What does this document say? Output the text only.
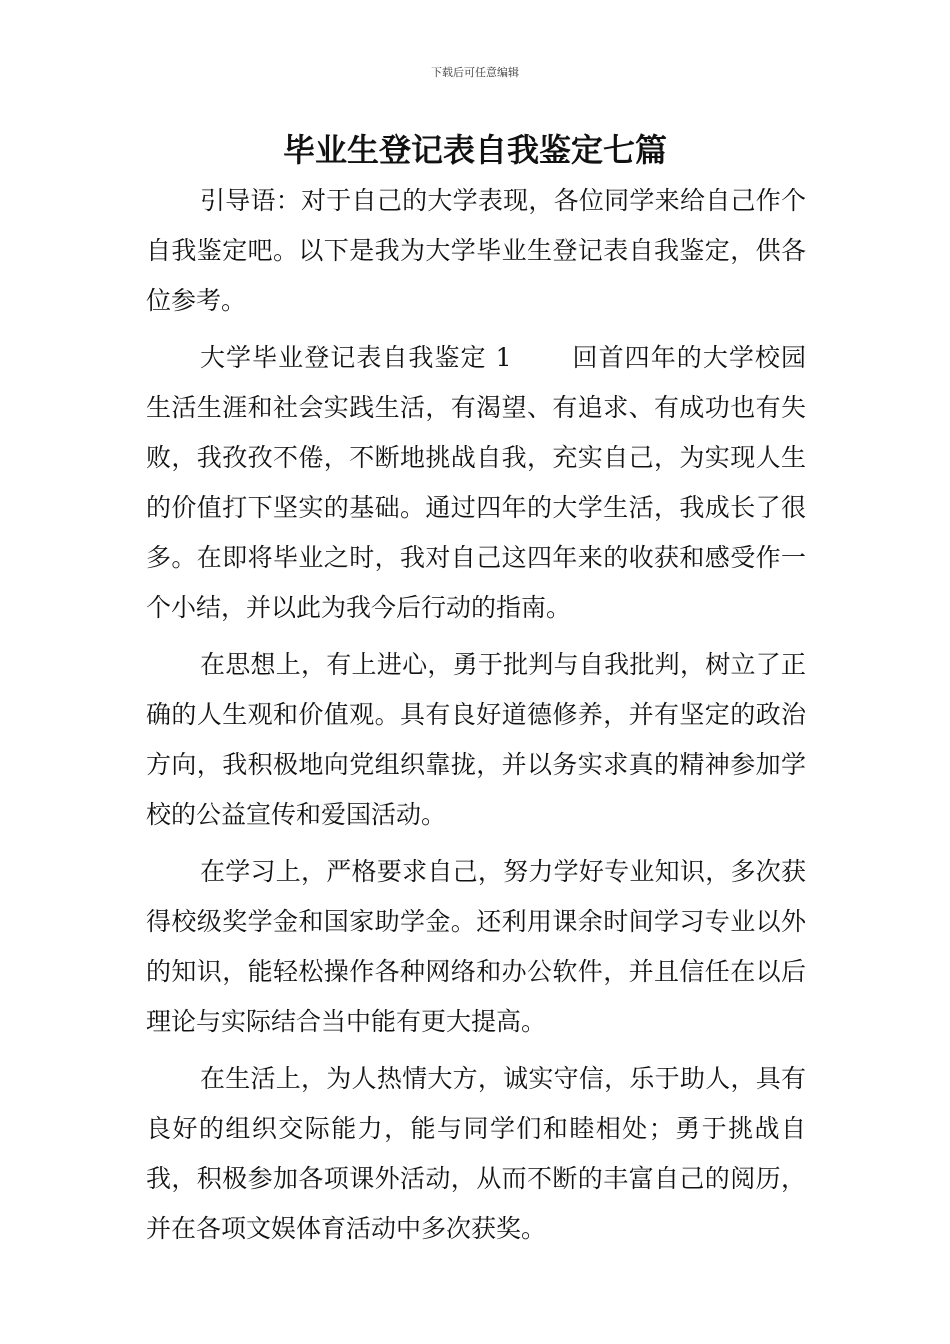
下载后可任意编辑
毕业生登记表自我鉴定七篇

引导语：对于自己的大学表现，各位同学来给自己作个自我鉴定吧。以下是我为大学毕业生登记表自我鉴定，供各位参考。

大学毕业登记表自我鉴定 1 回首四年的大学校园生活生涯和社会实践生活，有渴望、有追求、有成功也有失败，我孜孜不倦，不断地挑战自我，充实自己，为实现人生的价值打下坚实的基础。通过四年的大学生活，我成长了很多。在即将毕业之时，我对自己这四年来的收获和感受作一个小结，并以此为我今后行动的指南。

在思想上，有上进心，勇于批判与自我批判，树立了正确的人生观和价值观。具有良好道德修养，并有坚定的政治方向，我积极地向党组织靠拢，并以务实求真的精神参加学校的公益宣传和爱国活动。

在学习上，严格要求自己，努力学好专业知识，多次获得校级奖学金和国家助学金。还利用课余时间学习专业以外的知识，能轻松操作各种网络和办公软件，并且信任在以后理论与实际结合当中能有更大提高。

在生活上，为人热情大方，诚实守信，乐于助人，具有良好的组织交际能力，能与同学们和睦相处；勇于挑战自我，积极参加各项课外活动，从而不断的丰富自己的阅历，并在各项文娱体育活动中多次获奖。
